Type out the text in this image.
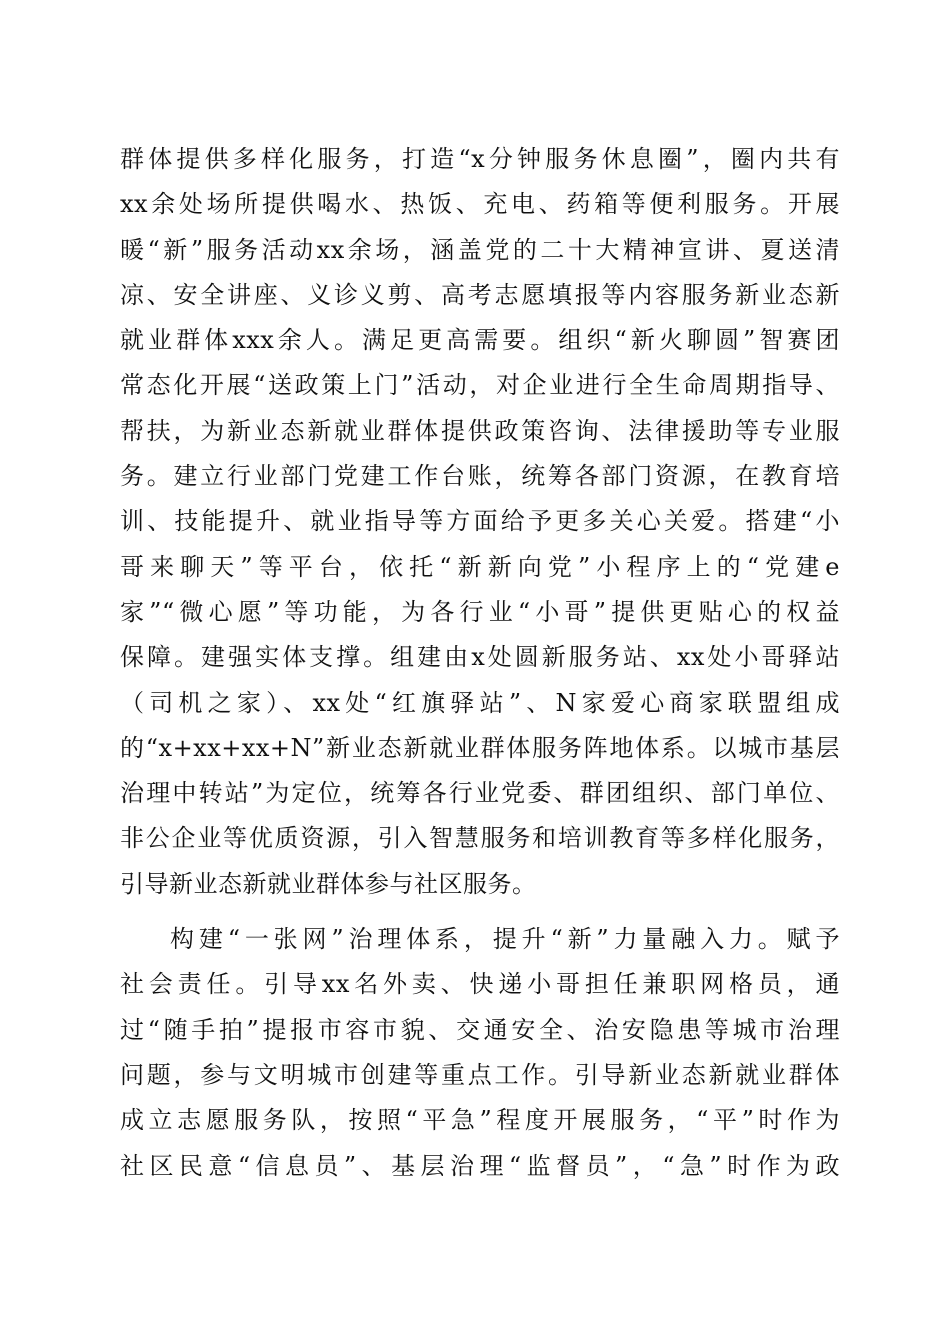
群体提供多样化服务，打造“x分钟服务休息圈”，圈内共有
xx余处场所提供喝水、热饭、充电、药箱等便利服务。开展
暖“新”服务活动xx余场，涵盖党的二十大精神宣讲、夏送清
凉、安全讲座、义诊义剪、高考志愿填报等内容服务新业态新
就业群体xxx余人。满足更高需要。组织“新火聊圆”智赛团
常态化开展“送政策上门”活动，对企业进行全生命周期指导、
帮扶，为新业态新就业群体提供政策咨询、法律援助等专业服
务。建立行业部门党建工作台账，统筹各部门资源，在教育培
训、技能提升、就业指导等方面给予更多关心关爱。搭建“小
哥来聊天”等平台，依托“新新向党”小程序上的“党建e
家”“微心愿”等功能，为各行业“小哥”提供更贴心的权益
保障。建强实体支撑。组建由x处圆新服务站、xx处小哥驿站
（司机之家）、xx处“红旗驿站”、N家爱心商家联盟组成
的“x+xx+xx+N”新业态新就业群体服务阵地体系。以城市基层
治理中转站”为定位，统筹各行业党委、群团组织、部门单位、
非公企业等优质资源，引入智慧服务和培训教育等多样化服务，
引导新业态新就业群体参与社区服务。
构建“一张网”治理体系，提升“新”力量融入力。赋予
社会责任。引导xx名外卖、快递小哥担任兼职网格员，通
过“随手拍”提报市容市貌、交通安全、治安隐患等城市治理
问题，参与文明城市创建等重点工作。引导新业态新就业群体
成立志愿服务队，按照“平急”程度开展服务，“平”时作为
社区民意“信息员”、基层治理“监督员”，“急”时作为政
